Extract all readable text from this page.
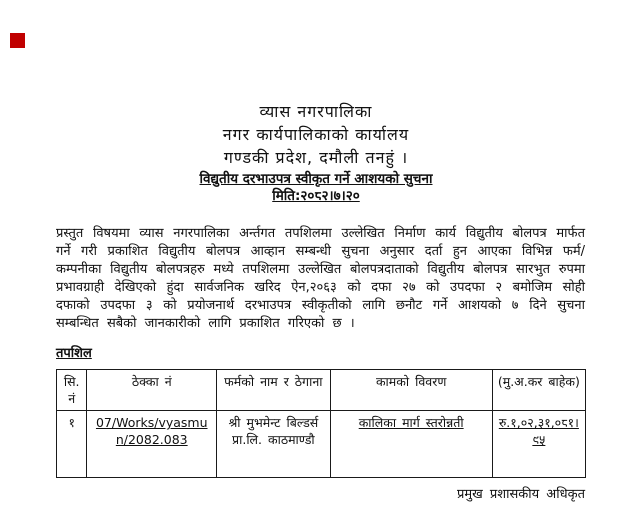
व्यास नगरपालिका
नगर कार्यपालिकाको कार्यालय
गण्डकी प्रदेश, दमौली तनहुं ।
विद्युतीय दरभाउपत्र स्वीकृत गर्ने आशयको सुचना
मिति:२०८२।७।२०
प्रस्तुत विषयमा व्यास नगरपालिका अर्न्तगत तपशिलमा उल्लेखित निर्माण कार्य विद्युतीय बोलपत्र मार्फत गर्ने गरी प्रकाशित विद्युतीय बोलपत्र आव्हान सम्बन्धी सुचना अनुसार दर्ता हुन आएका विभिन्न फर्म/कम्पनीका विद्युतीय बोलपत्रहरु मध्ये तपशिलमा उल्लेखित बोलपत्रदाताको विद्युतीय बोलपत्र सारभुत रुपमा प्रभावग्राही देखिएको हुंदा सार्वजनिक खरिद ऐन,२०६३ को दफा २७ को उपदफा २ बमोजिम सोही दफाको उपदफा ३ को प्रयोजनार्थ दरभाउपत्र स्वीकृतीको लागि छनौट गर्ने आशयको ७ दिने सुचना सम्बन्धित सबैको जानकारीको लागि प्रकाशित गरिएको छ ।
तपशिल
सि. नं	ठेक्का नं	फर्मको नाम र ठेगाना	कामको विवरण	(मु.अ.कर बाहेक)
१	07/Works/vyasmun/2082.083	श्री मुभमेन्ट बिल्डर्स प्रा.लि. काठमाण्डौ	कालिका मार्ग स्तरोन्नती	रु.१,०२,३१,०८१।९५
प्रमुख प्रशासकीय अधिकृत
